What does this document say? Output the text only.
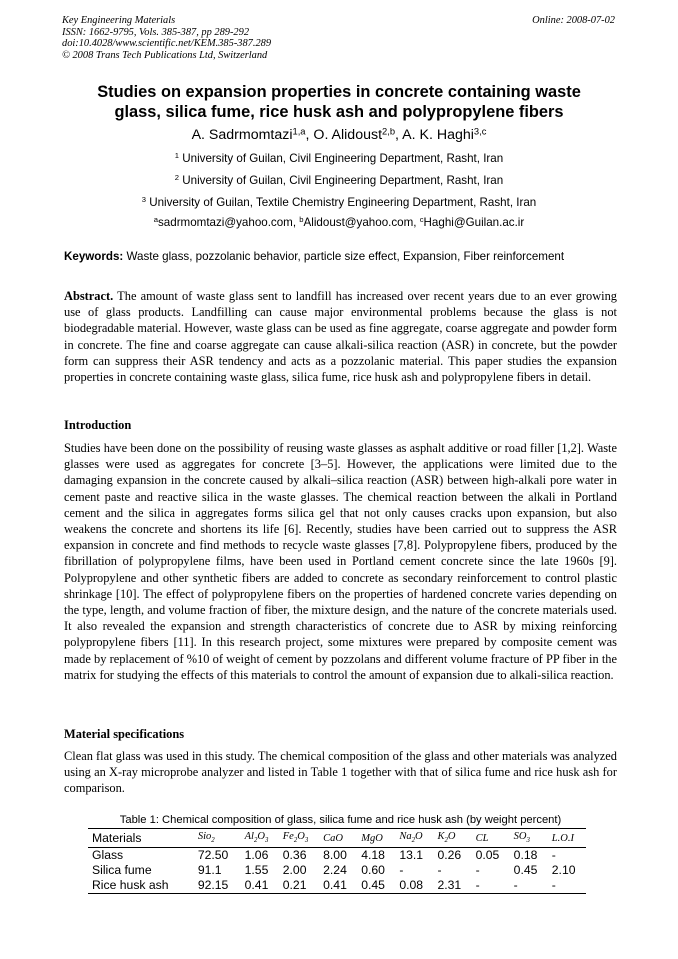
Key Engineering Materials
ISSN: 1662-9795, Vols. 385-387, pp 289-292
doi:10.4028/www.scientific.net/KEM.385-387.289
© 2008 Trans Tech Publications Ltd, Switzerland
Online: 2008-07-02
Studies on expansion properties in concrete containing waste
glass, silica fume, rice husk ash and polypropylene fibers
A. Sadrmomtazi$^{1,a}$, O. Alidoust$^{2,b}$, A. K. Haghi$^{3,c}$
$^1$ University of Guilan, Civil Engineering Department, Rasht, Iran
$^2$ University of Guilan, Civil Engineering Department, Rasht, Iran
$^3$ University of Guilan, Textile Chemistry Engineering Department, Rasht, Iran
$^a$sadrmomtazi@yahoo.com, $^b$Alidoust@yahoo.com, $^c$Haghi@Guilan.ac.ir
Keywords: Waste glass, pozzolanic behavior, particle size effect, Expansion, Fiber reinforcement
Abstract. The amount of waste glass sent to landfill has increased over recent years due to an ever growing use of glass products. Landfilling can cause major environmental problems because the glass is not biodegradable material. However, waste glass can be used as fine aggregate, coarse aggregate and powder form in concrete. The fine and coarse aggregate can cause alkali-silica reaction (ASR) in concrete, but the powder form can suppress their ASR tendency and acts as a pozzolanic material. This paper studies the expansion properties in concrete containing waste glass, silica fume, rice husk ash and polypropylene fibers in detail.
Introduction
Studies have been done on the possibility of reusing waste glasses as asphalt additive or road filler [1,2]. Waste glasses were used as aggregates for concrete [3–5]. However, the applications were limited due to the damaging expansion in the concrete caused by alkali–silica reaction (ASR) between high-alkali pore water in cement paste and reactive silica in the waste glasses. The chemical reaction between the alkali in Portland cement and the silica in aggregates forms silica gel that not only causes cracks upon expansion, but also weakens the concrete and shortens its life [6]. Recently, studies have been carried out to suppress the ASR expansion in concrete and find methods to recycle waste glasses [7,8]. Polypropylene fibers, produced by the fibrillation of polypropylene films, have been used in Portland cement concrete since the late 1960s [9]. Polypropylene and other synthetic fibers are added to concrete as secondary reinforcement to control plastic shrinkage [10]. The effect of polypropylene fibers on the properties of hardened concrete varies depending on the type, length, and volume fraction of fiber, the mixture design, and the nature of the concrete materials used. It also revealed the expansion and strength characteristics of concrete due to ASR by mixing reinforcing polypropylene fibers [11]. In this research project, some mixtures were prepared by composite cement was made by replacement of %10 of weight of cement by pozzolans and different volume fracture of PP fiber in the matrix for studying the effects of this materials to control the amount of expansion due to alkali-silica reaction.
Material specifications
Clean flat glass was used in this study. The chemical composition of the glass and other materials was analyzed using an X-ray microprobe analyzer and listed in Table 1 together with that of silica fume and rice husk ash for comparison.
Table 1: Chemical composition of glass, silica fume and rice husk ash (by weight percent)
Materials	Sio$_2$	$Al_2O_3$	$Fe_2O_3$	CaO	MgO	$Na_2O$	$K_2O$	CL	$SO_3$	L.O.I
Glass	72.50	1.06	0.36	8.00	4.18	13.1	0.26	0.05	0.18	-
Silica fume	91.1	1.55	2.00	2.24	0.60	-	-	-	0.45	2.10
Rice husk ash	92.15	0.41	0.21	0.41	0.45	0.08	2.31	-	-	-
